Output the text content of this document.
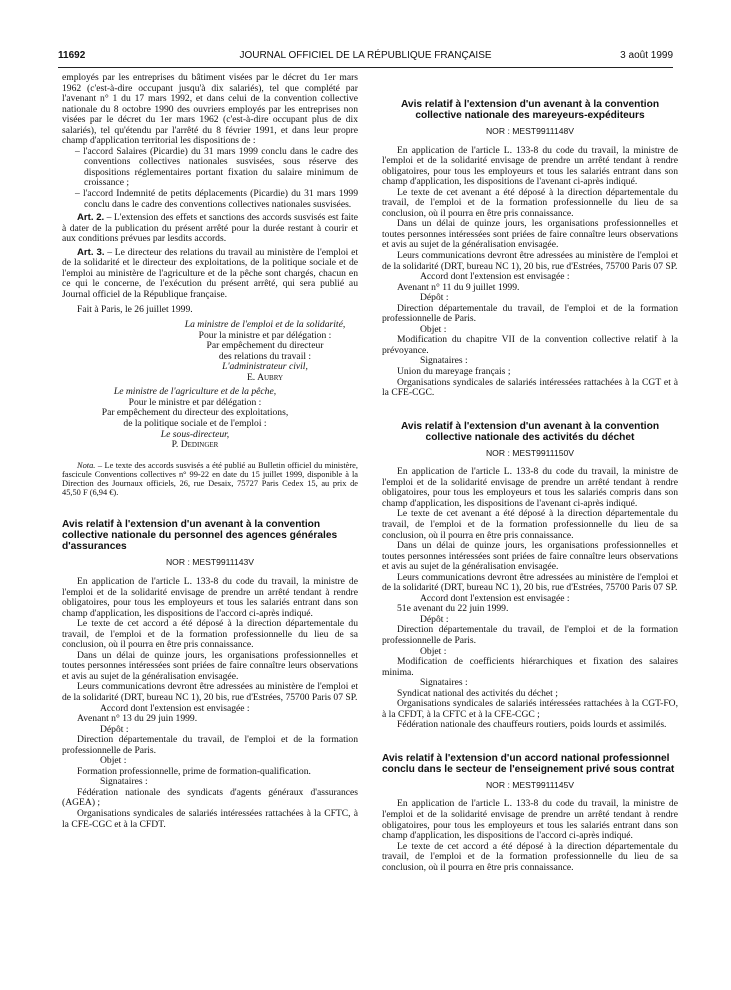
11692	JOURNAL OFFICIEL DE LA RÉPUBLIQUE FRANÇAISE	3 août 1999

employés par les entreprises du bâtiment visées par le décret du 1er mars 1962 (c'est-à-dire occupant jusqu'à dix salariés), tel que complété par l'avenant n° 1 du 17 mars 1992, et dans celui de la convention collective nationale du 8 octobre 1990 des ouvriers employés par les entreprises non visées par le décret du 1er mars 1962 (c'est-à-dire occupant plus de dix salariés), tel qu'étendu par l'arrêté du 8 février 1991, et dans leur propre champ d'application territorial les dispositions de :

– l'accord Salaires (Picardie) du 31 mars 1999 conclu dans le cadre des conventions collectives nationales susvisées, sous réserve des dispositions réglementaires portant fixation du salaire minimum de croissance ;

– l'accord Indemnité de petits déplacements (Picardie) du 31 mars 1999 conclu dans le cadre des conventions collectives nationales susvisées.

Art. 2. – L'extension des effets et sanctions des accords susvisés est faite à dater de la publication du présent arrêté pour la durée restant à courir et aux conditions prévues par lesdits accords.

Art. 3. – Le directeur des relations du travail au ministère de l'emploi et de la solidarité et le directeur des exploitations, de la politique sociale et de l'emploi au ministère de l'agriculture et de la pêche sont chargés, chacun en ce qui le concerne, de l'exécution du présent arrêté, qui sera publié au Journal officiel de la République française.

Fait à Paris, le 26 juillet 1999.

La ministre de l'emploi et de la solidarité,

Pour la ministre et par délégation :

Par empêchement du directeur

des relations du travail :

L'administrateur civil,

E. Aubry

Le ministre de l'agriculture et de la pêche,

Pour le ministre et par délégation :

Par empêchement du directeur des exploitations,

de la politique sociale et de l'emploi :

Le sous-directeur,

P. Dedinger

Nota. – Le texte des accords susvisés a été publié au Bulletin officiel du ministère, fascicule Conventions collectives n° 99-22 en date du 15 juillet 1999, disponible à la Direction des Journaux officiels, 26, rue Desaix, 75727 Paris Cedex 15, au prix de 45,50 F (6,94 €).

Avis relatif à l'extension d'un avenant à la convention collective nationale du personnel des agences générales d'assurances

NOR : MEST9911143V

En application de l'article L. 133-8 du code du travail, la ministre de l'emploi et de la solidarité envisage de prendre un arrêté tendant à rendre obligatoires, pour tous les employeurs et tous les salariés entrant dans son champ d'application, les dispositions de l'accord ci-après indiqué.

Le texte de cet accord a été déposé à la direction départementale du travail, de l'emploi et de la formation professionnelle du lieu de sa conclusion, où il pourra en être pris connaissance.

Dans un délai de quinze jours, les organisations professionnelles et toutes personnes intéressées sont priées de faire connaître leurs observations et avis au sujet de la généralisation envisagée.

Leurs communications devront être adressées au ministère de l'emploi et de la solidarité (DRT, bureau NC 1), 20 bis, rue d'Estrées, 75700 Paris 07 SP.

Accord dont l'extension est envisagée :

Avenant n° 13 du 29 juin 1999.

Dépôt :

Direction départementale du travail, de l'emploi et de la formation professionnelle de Paris.

Objet :

Formation professionnelle, prime de formation-qualification.

Signataires :

Fédération nationale des syndicats d'agents généraux d'assurances (AGEA) ;

Organisations syndicales de salariés intéressées rattachées à la CFTC, à la CFE-CGC et à la CFDT.

Avis relatif à l'extension d'un avenant à la convention collective nationale des mareyeurs-expéditeurs

NOR : MEST9911148V

En application de l'article L. 133-8 du code du travail, la ministre de l'emploi et de la solidarité envisage de prendre un arrêté tendant à rendre obligatoires, pour tous les employeurs et tous les salariés entrant dans son champ d'application, les dispositions de l'avenant ci-après indiqué.

Le texte de cet avenant a été déposé à la direction départementale du travail, de l'emploi et de la formation professionnelle du lieu de sa conclusion, où il pourra en être pris connaissance.

Dans un délai de quinze jours, les organisations professionnelles et toutes personnes intéressées sont priées de faire connaître leurs observations et avis au sujet de la généralisation envisagée.

Leurs communications devront être adressées au ministère de l'emploi et de la solidarité (DRT, bureau NC 1), 20 bis, rue d'Estrées, 75700 Paris 07 SP.

Accord dont l'extension est envisagée :

Avenant n° 11 du 9 juillet 1999.

Dépôt :

Direction départementale du travail, de l'emploi et de la formation professionnelle de Paris.

Objet :

Modification du chapitre VII de la convention collective relatif à la prévoyance.

Signataires :

Union du mareyage français ;

Organisations syndicales de salariés intéressées rattachées à la CGT et à la CFE-CGC.

Avis relatif à l'extension d'un avenant à la convention collective nationale des activités du déchet

NOR : MEST9911150V

En application de l'article L. 133-8 du code du travail, la ministre de l'emploi et de la solidarité envisage de prendre un arrêté tendant à rendre obligatoires, pour tous les employeurs et tous les salariés compris dans son champ d'application, les dispositions de l'avenant ci-après indiqué.

Le texte de cet avenant a été déposé à la direction départementale du travail, de l'emploi et de la formation professionnelle du lieu de sa conclusion, où il pourra en être pris connaissance.

Dans un délai de quinze jours, les organisations professionnelles et toutes personnes intéressées sont priées de faire connaître leurs observations et avis au sujet de la généralisation envisagée.

Leurs communications devront être adressées au ministère de l'emploi et de la solidarité (DRT, bureau NC 1), 20 bis, rue d'Estrées, 75700 Paris 07 SP.

Accord dont l'extension est envisagée :

51e avenant du 22 juin 1999.

Dépôt :

Direction départementale du travail, de l'emploi et de la formation professionnelle de Paris.

Objet :

Modification de coefficients hiérarchiques et fixation des salaires minima.

Signataires :

Syndicat national des activités du déchet ;

Organisations syndicales de salariés intéressées rattachées à la CGT-FO, à la CFDT, à la CFTC et à la CFE-CGC ;

Fédération nationale des chauffeurs routiers, poids lourds et assimilés.

Avis relatif à l'extension d'un accord national professionnel conclu dans le secteur de l'enseignement privé sous contrat

NOR : MEST9911145V

En application de l'article L. 133-8 du code du travail, la ministre de l'emploi et de la solidarité envisage de prendre un arrêté tendant à rendre obligatoires, pour tous les employeurs et tous les salariés entrant dans son champ d'application, les dispositions de l'accord ci-après indiqué.

Le texte de cet accord a été déposé à la direction départementale du travail, de l'emploi et de la formation professionnelle du lieu de sa conclusion, où il pourra en être pris connaissance.
